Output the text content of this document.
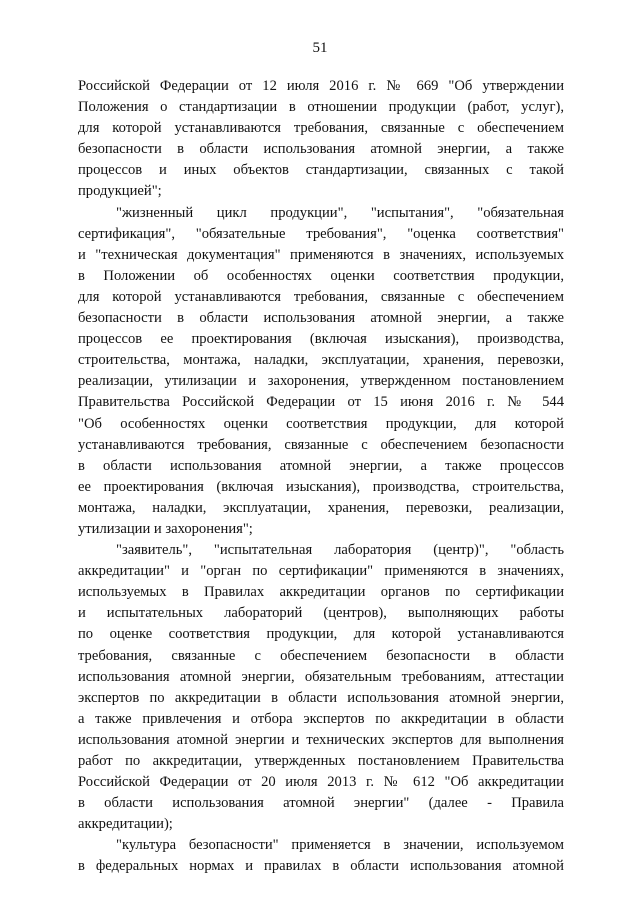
51
Российской Федерации от 12 июля 2016 г. № 669 "Об утверждении
Положения о стандартизации в отношении продукции (работ, услуг),
для которой устанавливаются требования, связанные с обеспечением
безопасности в области использования атомной энергии, а также
процессов и иных объектов стандартизации, связанных с такой
продукцией";
"жизненный цикл продукции", "испытания", "обязательная
сертификация", "обязательные требования", "оценка соответствия"
и "техническая документация" применяются в значениях, используемых
в Положении об особенностях оценки соответствия продукции,
для которой устанавливаются требования, связанные с обеспечением
безопасности в области использования атомной энергии, а также
процессов ее проектирования (включая изыскания), производства,
строительства, монтажа, наладки, эксплуатации, хранения, перевозки,
реализации, утилизации и захоронения, утвержденном постановлением
Правительства Российской Федерации от 15 июня 2016 г. № 544
"Об особенностях оценки соответствия продукции, для которой
устанавливаются требования, связанные с обеспечением безопасности
в области использования атомной энергии, а также процессов
ее проектирования (включая изыскания), производства, строительства,
монтажа, наладки, эксплуатации, хранения, перевозки, реализации,
утилизации и захоронения";
"заявитель", "испытательная лаборатория (центр)", "область
аккредитации" и "орган по сертификации" применяются в значениях,
используемых в Правилах аккредитации органов по сертификации
и испытательных лабораторий (центров), выполняющих работы
по оценке соответствия продукции, для которой устанавливаются
требования, связанные с обеспечением безопасности в области
использования атомной энергии, обязательным требованиям, аттестации
экспертов по аккредитации в области использования атомной энергии,
а также привлечения и отбора экспертов по аккредитации в области
использования атомной энергии и технических экспертов для выполнения
работ по аккредитации, утвержденных постановлением Правительства
Российской Федерации от 20 июля 2013 г. № 612 "Об аккредитации
в области использования атомной энергии" (далее - Правила
аккредитации);
"культура безопасности" применяется в значении, используемом
в федеральных нормах и правилах в области использования атомной
